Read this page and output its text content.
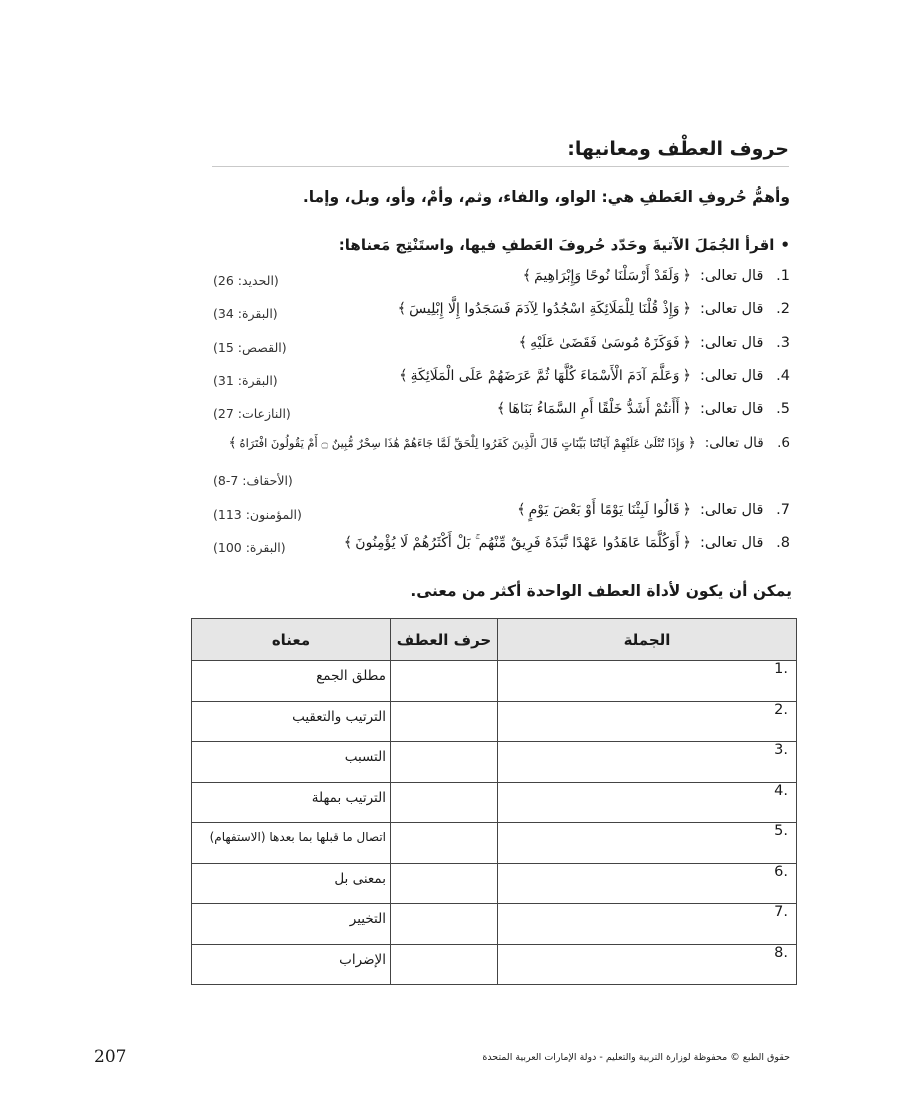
حروف العطْف ومعانيها:
وأهمُّ حُروفِ العَطفِ هي: الواو، والفاء، وثم، وأمْ، وأو، وبل، وإما.
•اقرأ الجُمَلَ الآتيةَ وحَدّد حُروفَ العَطفِ فيها، واستَنْتِج مَعناها:
1. قال تعالى:﴿وَلَقَدْ أَرْسَلْنَا نُوحًا وَإِبْرَاهِيمَ﴾
(الحديد: 26)
2. قال تعالى:﴿وَإِذْ قُلْنَا لِلْمَلَائِكَةِ اسْجُدُوا لِآدَمَ فَسَجَدُوا إِلَّا إِبْلِيسَ﴾
(البقرة: 34)
3. قال تعالى:﴿فَوَكَزَهُ مُوسَىٰ فَقَضَىٰ عَلَيْهِ﴾
(القصص: 15)
4. قال تعالى:﴿وَعَلَّمَ آدَمَ الْأَسْمَاءَ كُلَّهَا ثُمَّ عَرَضَهُمْ عَلَى الْمَلَائِكَةِ﴾
(البقرة: 31)
5. قال تعالى:﴿أَأَنتُمْ أَشَدُّ خَلْقًا أَمِ السَّمَاءُ بَنَاهَا﴾
(النازعات: 27)
6. قال تعالى:﴿وَإِذَا تُتْلَىٰ عَلَيْهِمْ آيَاتُنَا بَيِّنَاتٍ قَالَ الَّذِينَ كَفَرُوا لِلْحَقِّ لَمَّا جَاءَهُمْ هَٰذَا سِحْرٌ مُّبِينٌ ۝ أَمْ يَقُولُونَ افْتَرَاهُ﴾
(الأحقاف: 7-8)
7. قال تعالى:﴿قَالُوا لَبِثْنَا يَوْمًا أَوْ بَعْضَ يَوْمٍ﴾
(المؤمنون: 113)
8. قال تعالى:﴿أَوَكُلَّمَا عَاهَدُوا عَهْدًا نَّبَذَهُ فَرِيقٌ مِّنْهُم ۚ بَلْ أَكْثَرُهُمْ لَا يُؤْمِنُونَ﴾
(البقرة: 100)
يمكن أن يكون لأداة العطف الواحدة أكثر من معنى.
الجملة	حرف العطف	معناه

1.		مطلق الجمع

2.		الترتيب والتعقيب

3.		التسبب

4.		الترتيب بمهلة

5.		اتصال ما قبلها بما بعدها (الاستفهام)

6.		بمعنى بل

7.		التخيير

8.		الإضراب
207	حقوق الطبع © محفوظة لوزارة التربية والتعليم - دولة الإمارات العربية المتحدة
